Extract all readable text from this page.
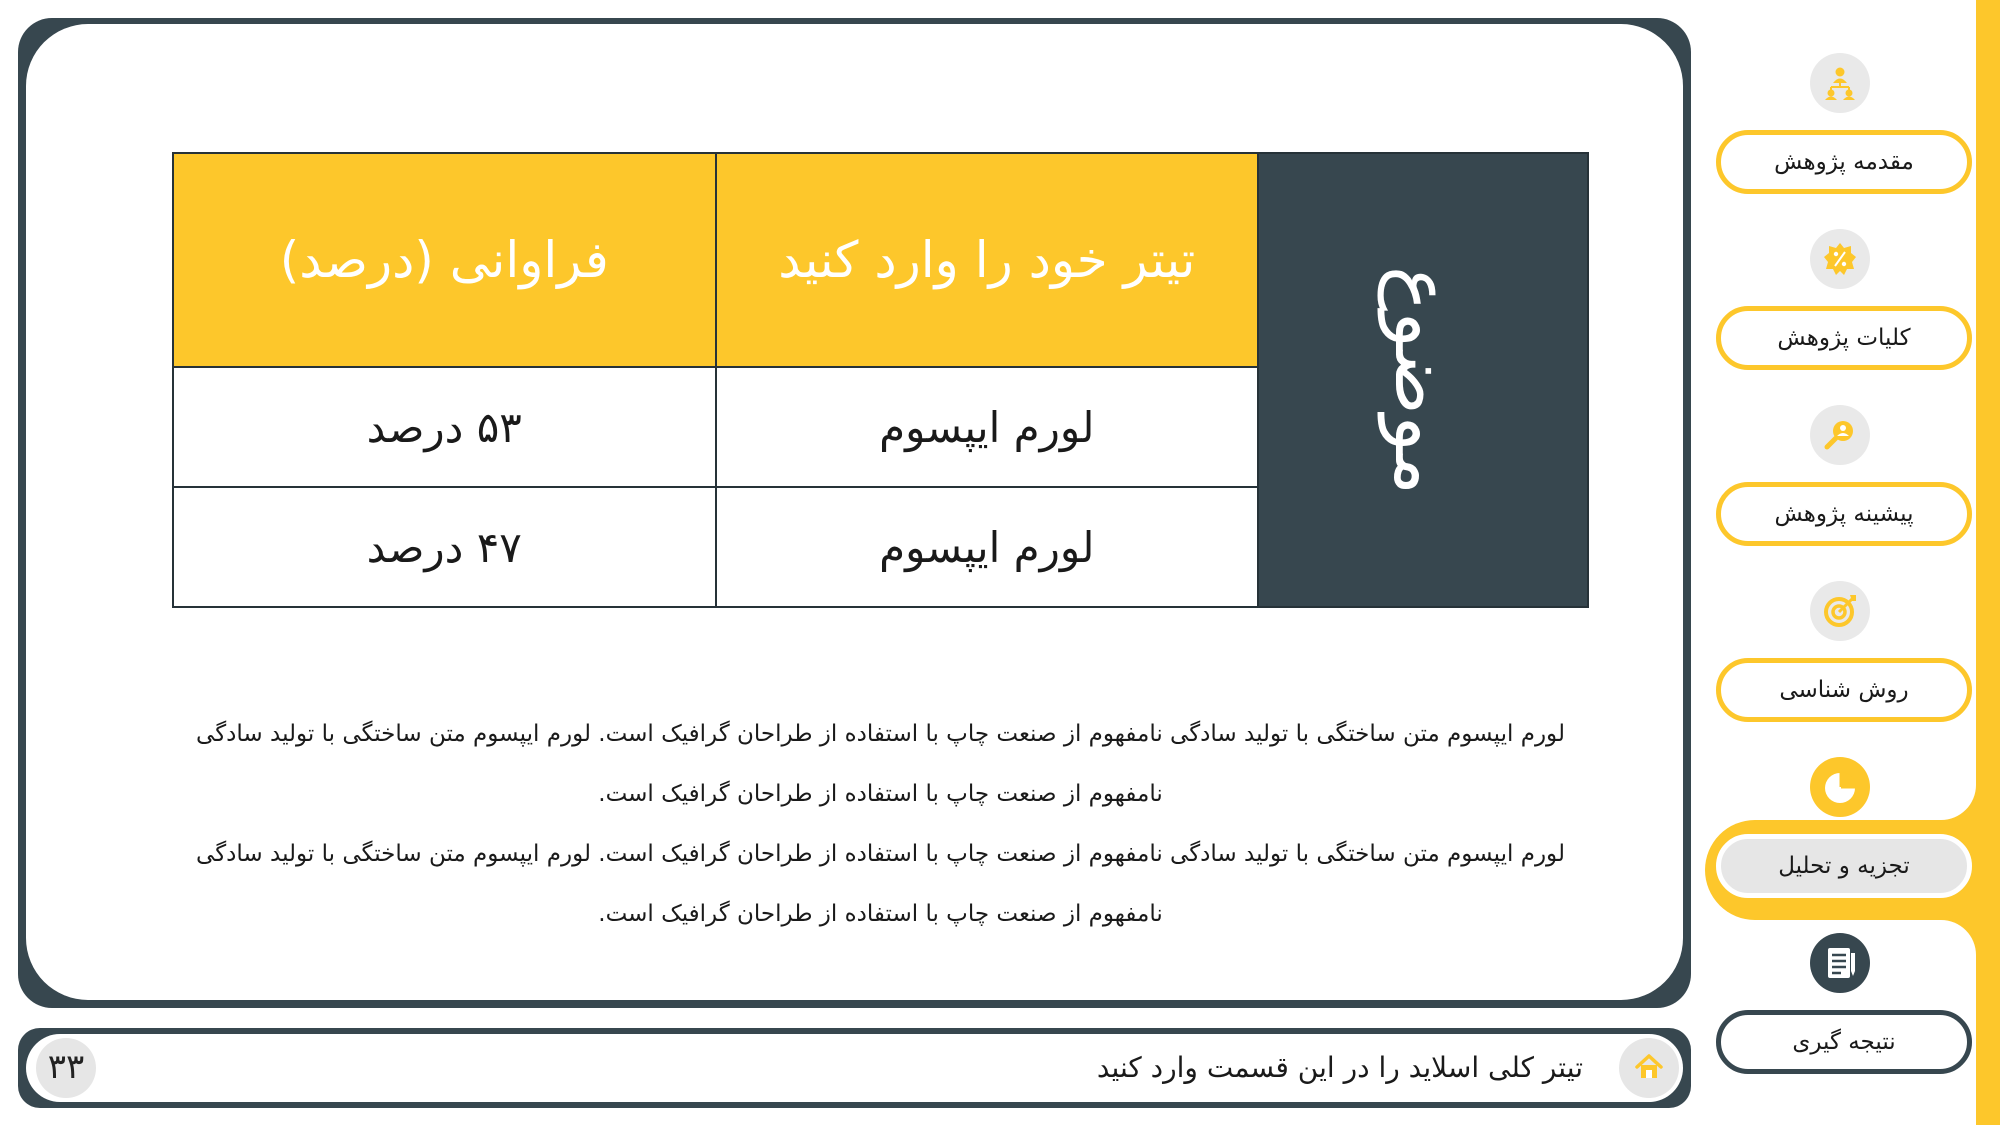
موضوع	تیتر خود را وارد کنید	فراوانی (درصد)
	لورم ایپسوم	۵۳ درصد
	لورم ایپسوم	۴۷ درصد

لورم ایپسوم متن ساختگی با تولید سادگی نامفهوم از صنعت چاپ با استفاده از طراحان گرافیک است. لورم ایپسوم متن ساختگی با تولید سادگی نامفهوم از صنعت چاپ با استفاده از طراحان گرافیک است.

لورم ایپسوم متن ساختگی با تولید سادگی نامفهوم از صنعت چاپ با استفاده از طراحان گرافیک است. لورم ایپسوم متن ساختگی با تولید سادگی نامفهوم از صنعت چاپ با استفاده از طراحان گرافیک است.

۳۳	تیتر کلی اسلاید را در این قسمت وارد کنید
مقدمه پژوهش
کلیات پژوهش
پیشینه پژوهش
روش شناسی
تجزیه و تحلیل
نتیجه گیری
